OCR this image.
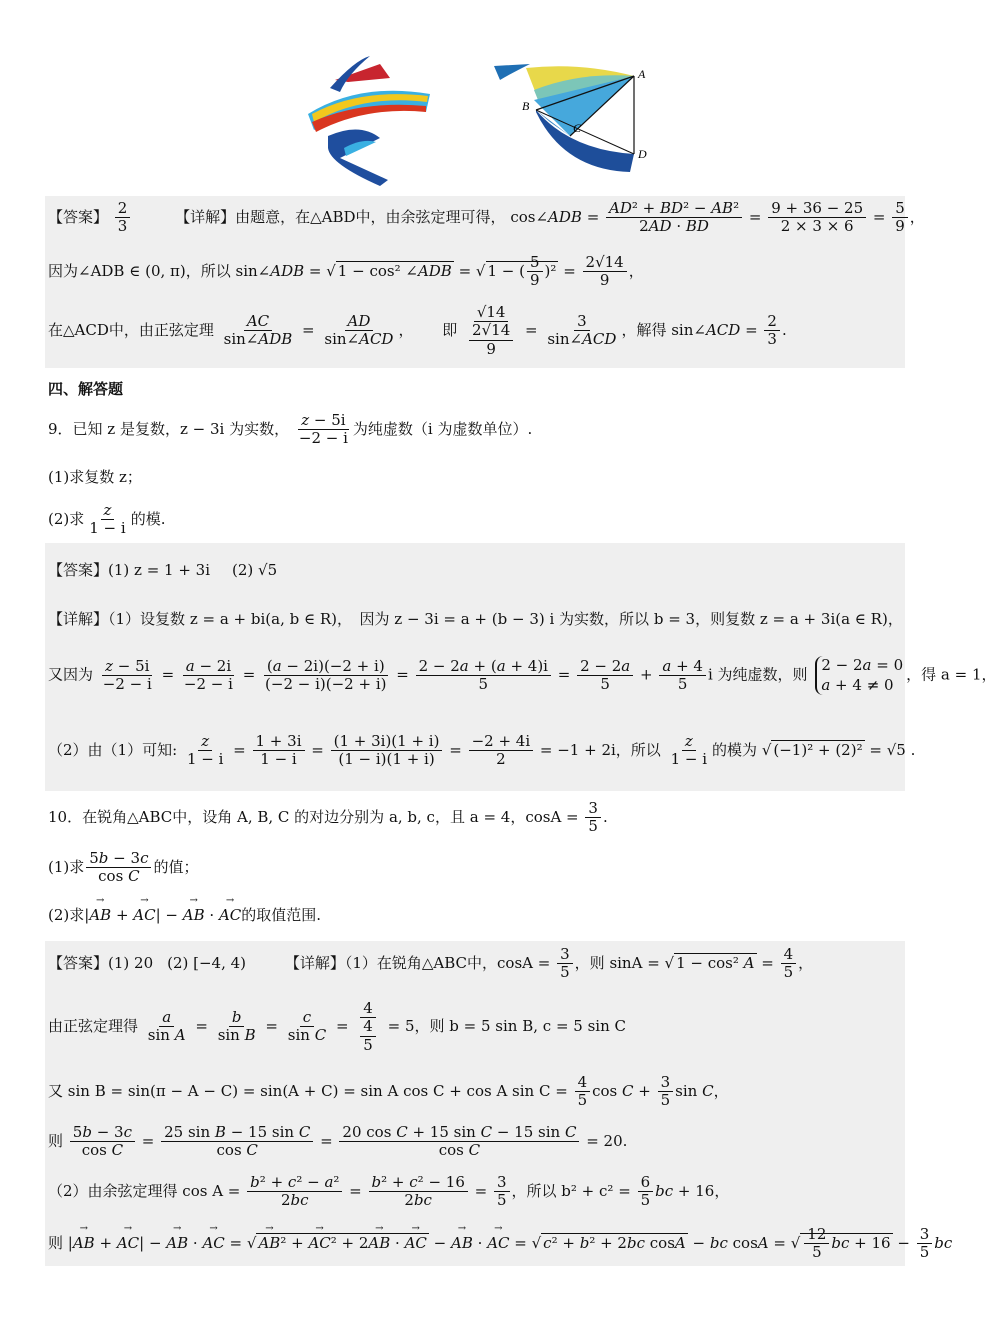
A
B
C
D
【答案】 $\frac{2}{3}$	【详解】由题意，在△ABD中，由余弦定理可得， cos∠ADB = $\frac{\text{AD² + BD² − AB²}}{2AD \cdot BD} = \frac{9 + 36 - 25}{2 \times 3 \times 6} = \frac{5}{9}$ ，
因为∠ADB ∈ (0, π)，所以 sin∠ADB = √ 1 − cos² ∠ADB = √ 1 − ( $\frac{5}{9} )^2 = \frac{2√14}{9}$ ，
在△ACD中，由正弦定理 $\frac{AC}{\text{sin∠ADB}} = \frac{AD}{\text{sin∠ACD}}$ ， 即 $\frac{√14}{\frac{2√14}{9}} = \frac{3}{\text{sin∠ACD}}$ ，解得 sin∠ACD = $\frac{2}{3}$ .
四、解答题
9．已知 z 是复数，z − 3i 为实数， $\frac{z - 5i}{-2 - i}$ 为纯虚数（i 为虚数单位）.
(1)求复数 z；
(2)求 $\frac{z}{1 - i}$ 的模.
【答案】(1) z = 1 + 3i (2) √5
【详解】（1）设复数 z = a + bi(a, b ∈ R)，　因为 z − 3i = a + (b − 3) i 为实数，所以 b = 3，则复数 z = a + 3i(a ∈ R)，
又因为 $\frac{z - 5i}{-2 - i} = \frac{a - 2i}{-2 - i} = \frac{(a - 2i)(-2 + i)}{(-2 - i)(-2 + i)} = \frac{2 - 2a + (a + 4)i}{5} = \frac{2 - 2a}{5} + \frac{a + 4}{5}$ i 为纯虚数，则
2 − 2a = 0
a + 4 ≠ 0
，得 a = 1，
（2）由（1）可知: $\frac{z}{1 - i} = \frac{1 + 3i}{1 - i} = \frac{(1 + 3i)(1 + i)}{(1 - i)(1 + i)} = \frac{-2 + 4i}{2} = -1 + 2i$，所以 $\frac{z}{1 - i}$ 的模为 √ (−1)² + (2)² = √5 .
10．在锐角△ABC中，设角 A, B, C 的对边分别为 a, b, c，且 a = 4，$\cos A = \frac{3}{5}$ .
(1)求 $\frac{5b - 3c}{\text{cos C}}$ 的值；
(2)求|→ AB + → AC| − → AB · → AC的取值范围.
【答案】(1) 20 (2) [−4, 4)	【详解】（1）在锐角△ABC中，$\cos A = \frac{3}{5}$ ，则 sinA = √ 1 − cos² $A = \frac{4}{5}$ ，
由正弦定理得 $\frac{a}{\text{sin A}} = \frac{b}{\text{sin B}} = \frac{c}{\text{sin C}} = \frac{4}{\frac{4}{5}} = 5$，则 b = 5 sin B, c = 5 sin C
又 sin B = sin(π − A − C) = sin(A + C) = sin A cos C + cos A $\sin C = \frac{4}{5}$ $\cos C + \frac{3}{5}$ sin C，
则 $\frac{5b - 3c}{\text{cos C}} = \frac{\text{25 sin B − 15 sin C}}{\text{cos C}} = \frac{\text{20 cos C + 15 sin C − 15 sin C}}{\text{cos C}} = 20$.
（2）由余弦定理得 $\cos A = \frac{\text{b² + c² − a²}}{2bc} = \frac{\text{b² + c² − 16}}{2bc} = \frac{3}{5}$ ，所以 $b^2 + c^2 = \frac{6}{5}$ bc + 16，
则 |→ AB + → AC| − → AB · → AC = √→ AB² + → AC² + 2→ AB · → AC − → AB · → AC = √ c² + b² + 2bc cosA − bc cosA = √ $\frac{12}{5}$ bc + $16 - \frac{3}{5}$ bc
